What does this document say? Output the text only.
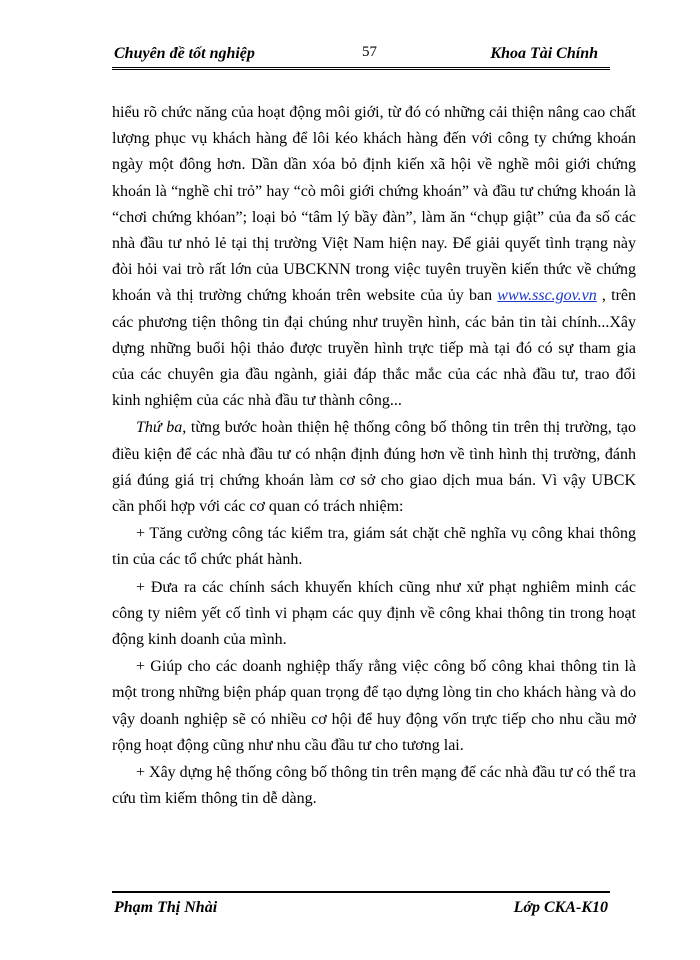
Chuyên đề tốt nghiệp	57	Khoa Tài Chính

hiểu rõ chức năng của hoạt động môi giới, từ đó có những cải thiện nâng cao chất lượng phục vụ khách hàng để lôi kéo khách hàng đến với công ty chứng khoán ngày một đông hơn. Dần dần xóa bỏ định kiến xã hội về nghề môi giới chứng khoán là “nghề chỉ trỏ” hay “cò môi giới chứng khoán” và đầu tư chứng khoán là “chơi chứng khóan”; loại bỏ “tâm lý bầy đàn”, làm ăn “chụp giật” của đa số các nhà đầu tư nhỏ lẻ tại thị trường Việt Nam hiện nay. Để giải quyết tình trạng này đòi hỏi vai trò rất lớn của UBCKNN trong việc tuyên truyền kiến thức về chứng khoán và thị trường chứng khoán trên website của ủy ban www.ssc.gov.vn , trên các phương tiện thông tin đại chúng như truyền hình, các bản tin tài chính...Xây dựng những buổi hội thảo được truyền hình trực tiếp mà tại đó có sự tham gia của các chuyên gia đầu ngành, giải đáp thắc mắc của các nhà đầu tư, trao đổi kinh nghiệm của các nhà đầu tư thành công...

Thứ ba, từng bước hoàn thiện hệ thống công bố thông tin trên thị trường, tạo điều kiện để các nhà đầu tư có nhận định đúng hơn về tình hình thị trường, đánh giá đúng giá trị chứng khoán làm cơ sở cho giao dịch mua bán. Vì vậy UBCK cần phối hợp với các cơ quan có trách nhiệm:

+ Tăng cường công tác kiểm tra, giám sát chặt chẽ nghĩa vụ công khai thông tin của các tổ chức phát hành.

+ Đưa ra các chính sách khuyến khích cũng như xử phạt nghiêm minh các công ty niêm yết cố tình vi phạm các quy định về công khai thông tin trong hoạt động kinh doanh của mình.

+ Giúp cho các doanh nghiệp thấy rằng việc công bố công khai thông tin là một trong những biện pháp quan trọng để tạo dựng lòng tin cho khách hàng và do vậy doanh nghiệp sẽ có nhiều cơ hội để huy động vốn trực tiếp cho nhu cầu mở rộng hoạt động cũng như nhu cầu đầu tư cho tương lai.

+ Xây dựng hệ thống công bố thông tin trên mạng để các nhà đầu tư có thể tra cứu tìm kiếm thông tin dễ dàng.

Phạm Thị Nhài	Lớp CKA-K10
